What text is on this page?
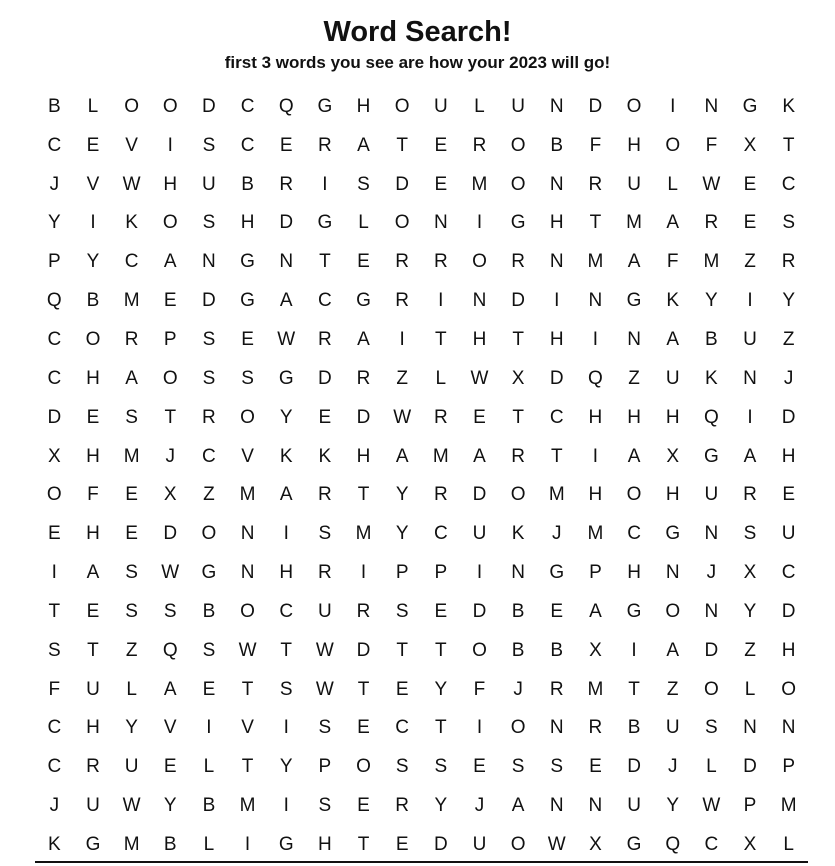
Word Search!
first 3 words you see are how your 2023 will go!
B	L	O	O	D	C	Q	G	H	O	U	L	U	N	D	O	I	N	G	K
C	E	V	I	S	C	E	R	A	T	E	R	O	B	F	H	O	F	X	T
J	V	W	H	U	B	R	I	S	D	E	M	O	N	R	U	L	W	E	C
Y	I	K	O	S	H	D	G	L	O	N	I	G	H	T	M	A	R	E	S
P	Y	C	A	N	G	N	T	E	R	R	O	R	N	M	A	F	M	Z	R
Q	B	M	E	D	G	A	C	G	R	I	N	D	I	N	G	K	Y	I	Y
C	O	R	P	S	E	W	R	A	I	T	H	T	H	I	N	A	B	U	Z
C	H	A	O	S	S	G	D	R	Z	L	W	X	D	Q	Z	U	K	N	J
D	E	S	T	R	O	Y	E	D	W	R	E	T	C	H	H	H	Q	I	D
X	H	M	J	C	V	K	K	H	A	M	A	R	T	I	A	X	G	A	H
O	F	E	X	Z	M	A	R	T	Y	R	D	O	M	H	O	H	U	R	E
E	H	E	D	O	N	I	S	M	Y	C	U	K	J	M	C	G	N	S	U
I	A	S	W	G	N	H	R	I	P	P	I	N	G	P	H	N	J	X	C
T	E	S	S	B	O	C	U	R	S	E	D	B	E	A	G	O	N	Y	D
S	T	Z	Q	S	W	T	W	D	T	T	O	B	B	X	I	A	D	Z	H
F	U	L	A	E	T	S	W	T	E	Y	F	J	R	M	T	Z	O	L	O
C	H	Y	V	I	V	I	S	E	C	T	I	O	N	R	B	U	S	N	N
C	R	U	E	L	T	Y	P	O	S	S	E	S	S	E	D	J	L	D	P
J	U	W	Y	B	M	I	S	E	R	Y	J	A	N	N	U	Y	W	P	M
K	G	M	B	L	I	G	H	T	E	D	U	O	W	X	G	Q	C	X	L
